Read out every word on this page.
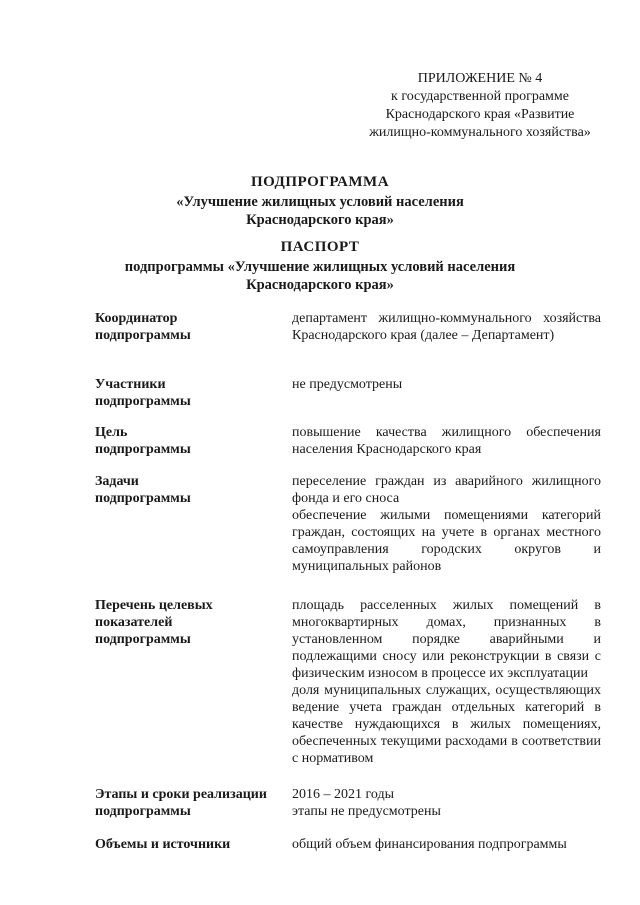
ПРИЛОЖЕНИЕ № 4
к государственной программе
Краснодарского края «Развитие
жилищно-коммунального хозяйства»
ПОДПРОГРАММА
«Улучшение жилищных условий населения
Краснодарского края»
ПАСПОРТ
подпрограммы «Улучшение жилищных условий населения
Краснодарского края»
Координатор подпрограммы

департамент жилищно-коммунального хозяйства Краснодарского края (далее – Департамент)

Участники подпрограммы

не предусмотрены

Цель подпрограммы

повышение качества жилищного обеспечения населения Краснодарского края

Задачи подпрограммы

переселение граждан из аварийного жилищного фонда и его сноса

обеспечение жилыми помещениями категорий граждан, состоящих на учете в органах местного самоуправления городских округов и муниципальных районов

Перечень целевых показателей подпрограммы

площадь расселенных жилых помещений в многоквартирных домах, признанных в установленном порядке аварийными и подлежащими сносу или реконструкции в связи с физическим износом в процессе их эксплуатации

доля муниципальных служащих, осуществляющих ведение учета граждан отдельных категорий в качестве нуждающихся в жилых помещениях, обеспеченных текущими расходами в соответствии с нормативом

Этапы и сроки реализации подпрограммы

2016 – 2021 годы

этапы не предусмотрены

Объемы и источники	общий объем финансирования подпрограммы
